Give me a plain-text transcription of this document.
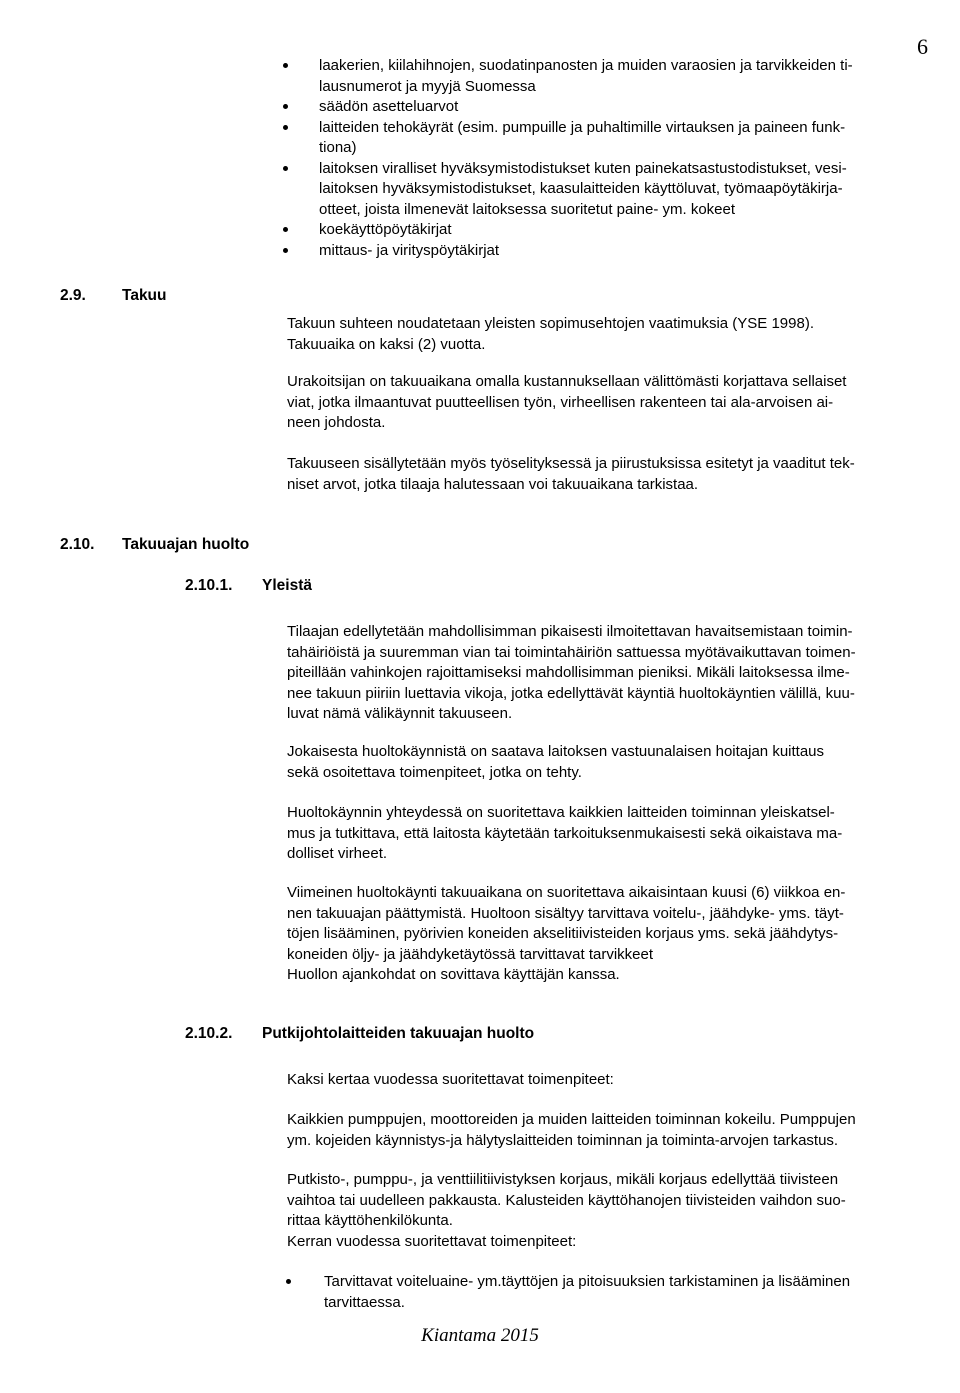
6
laakerien, kiilahihnojen, suodatinpanosten ja muiden varaosien ja tarvikkeiden ti-
lausnumerot ja myyjä Suomessa
säädön asetteluarvot
laitteiden tehokäyrät (esim. pumpuille ja puhaltimille virtauksen ja paineen funk-
tiona)
laitoksen viralliset hyväksymistodistukset kuten painekatsastustodistukset, vesi-
laitoksen hyväksymistodistukset, kaasulaitteiden käyttöluvat, työmaapöytäkirja-
otteet, joista ilmenevät laitoksessa suoritetut paine- ym. kokeet
koekäyttöpöytäkirjat
mittaus- ja virityspöytäkirjat
2.9. Takuu

Takuun suhteen noudatetaan yleisten sopimusehtojen vaatimuksia (YSE 1998).
Takuuaika on kaksi (2) vuotta.

Urakoitsijan on takuuaikana omalla kustannuksellaan välittömästi korjattava sellaiset
viat, jotka ilmaantuvat puutteellisen työn, virheellisen rakenteen tai ala-arvoisen ai-
neen johdosta.

Takuuseen sisällytetään myös työselityksessä ja piirustuksissa esitetyt ja vaaditut tek-
niset arvot, jotka tilaaja halutessaan voi takuuaikana tarkistaa.

2.10. Takuuajan huolto
2.10.1. Yleistä

Tilaajan edellytetään mahdollisimman pikaisesti ilmoitettavan havaitsemistaan toimin-
tahäiriöistä ja suuremman vian tai toimintahäiriön sattuessa myötävaikuttavan toimen-
piteillään vahinkojen rajoittamiseksi mahdollisimman pieniksi. Mikäli laitoksessa ilme-
nee takuun piiriin luettavia vikoja, jotka edellyttävät käyntiä huoltokäyntien välillä, kuu-
luvat nämä välikäynnit takuuseen.

Jokaisesta huoltokäynnistä on saatava laitoksen vastuunalaisen hoitajan kuittaus
sekä osoitettava toimenpiteet, jotka on tehty.

Huoltokäynnin yhteydessä on suoritettava kaikkien laitteiden toiminnan yleiskatsel-
mus ja tutkittava, että laitosta käytetään tarkoituksenmukaisesti sekä oikaistava ma-
dolliset virheet.

Viimeinen huoltokäynti takuuaikana on suoritettava aikaisintaan kuusi (6) viikkoa en-
nen takuuajan päättymistä. Huoltoon sisältyy tarvittava voitelu-, jäähdyke- yms. täyt-
töjen lisääminen, pyörivien koneiden akselitiivisteiden korjaus yms. sekä jäähdytys-
koneiden öljy- ja jäähdyketäytössä tarvittavat tarvikkeet
Huollon ajankohdat on sovittava käyttäjän kanssa.

2.10.2. Putkijohtolaitteiden takuuajan huolto

Kaksi kertaa vuodessa suoritettavat toimenpiteet:

Kaikkien pumppujen, moottoreiden ja muiden laitteiden toiminnan kokeilu. Pumppujen
ym. kojeiden käynnistys-ja hälytyslaitteiden toiminnan ja toiminta-arvojen tarkastus.

Putkisto-, pumppu-, ja venttiilitiivistyksen korjaus, mikäli korjaus edellyttää tiivisteen
vaihtoa tai uudelleen pakkausta. Kalusteiden käyttöhanojen tiivisteiden vaihdon suo-
rittaa käyttöhenkilökunta.
Kerran vuodessa suoritettavat toimenpiteet:

Tarvittavat voiteluaine- ym.täyttöjen ja pitoisuuksien tarkistaminen ja lisääminen
tarvittaessa.
Kiantama 2015
